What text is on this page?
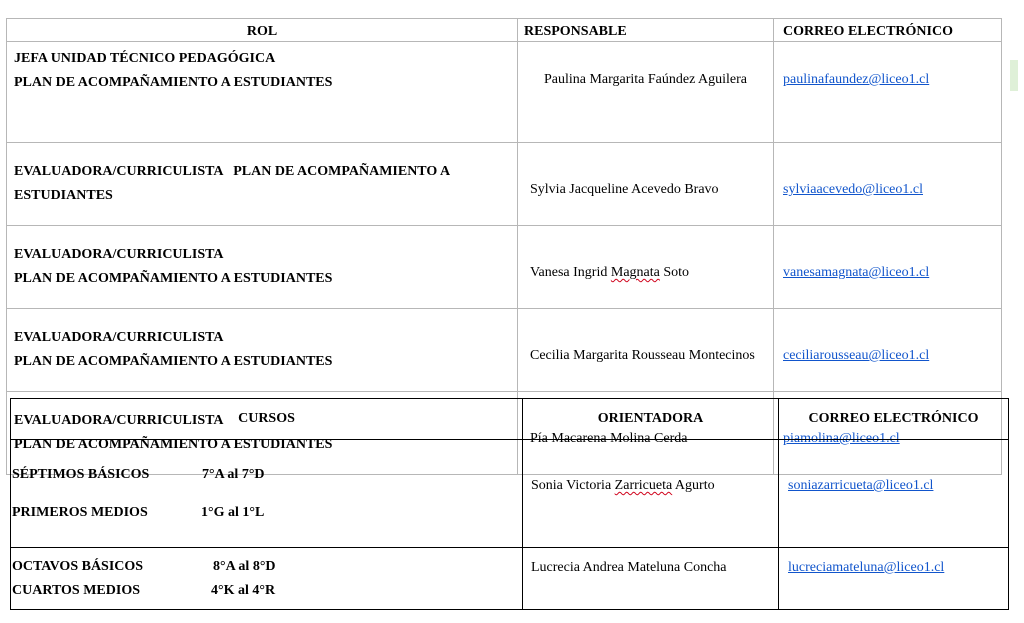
ROL	RESPONSABLE	CORREO ELECTRÓNICO

JEFA UNIDAD TÉCNICO PEDAGÓGICA
PLAN DE ACOMPAÑAMIENTO A ESTUDIANTES	Paulina Margarita Faúndez Aguilera	paulinafaundez@liceo1.cl

EVALUADORA/CURRICULISTA   PLAN DE ACOMPAÑAMIENTO A
ESTUDIANTES	Sylvia Jacqueline Acevedo Bravo	sylviaacevedo@liceo1.cl

EVALUADORA/CURRICULISTA
PLAN DE ACOMPAÑAMIENTO A ESTUDIANTES	Vanesa Ingrid Magnata Soto	vanesamagnata@liceo1.cl

EVALUADORA/CURRICULISTA
PLAN DE ACOMPAÑAMIENTO A ESTUDIANTES	Cecilia Margarita Rousseau Montecinos	ceciliarousseau@liceo1.cl

EVALUADORA/CURRICULISTA
PLAN DE ACOMPAÑAMIENTO A ESTUDIANTES	Pía Macarena Molina Cerda	piamolina@liceo1.cl
CURSOS	ORIENTADORA	CORREO ELECTRÓNICO

SÉPTIMOS BÁSICOS 7°A al 7°D
PRIMEROS MEDIOS 1°G al 1°L	Sonia Victoria Zarricueta Agurto	soniazarricueta@liceo1.cl

OCTAVOS BÁSICOS 8°A al 8°D
CUARTOS MEDIOS 4°K al 4°R	Lucrecia Andrea Mateluna Concha	lucreciamateluna@liceo1.cl
